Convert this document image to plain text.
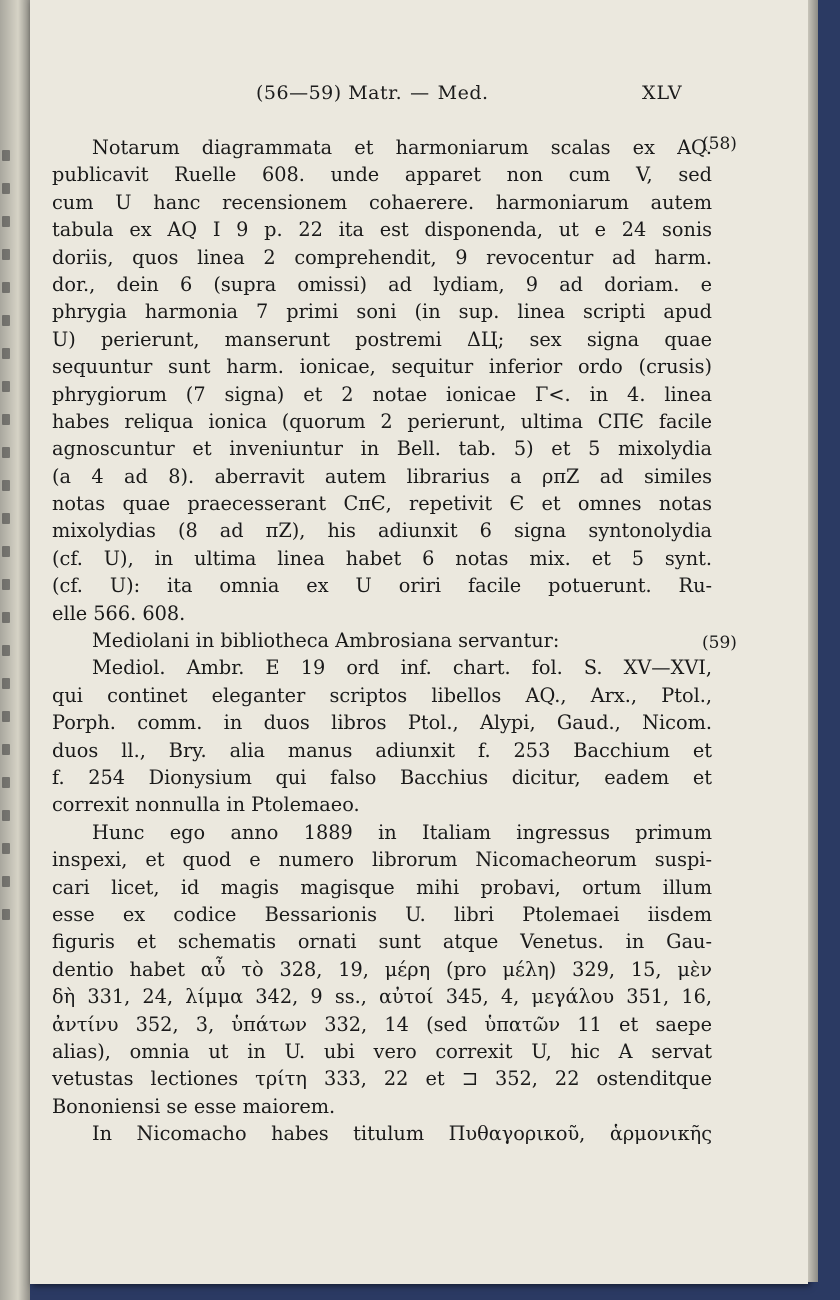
(56—59) Matr. — Med.	XLV
(58)
(59)
Notarum diagrammata et harmoniarum scalas ex AQ.
publicavit Ruelle 608. unde apparet non cum V, sed
cum U hanc recensionem cohaerere. harmoniarum autem
tabula ex AQ I 9 p. 22 ita est disponenda, ut e 24 sonis
doriis, quos linea 2 comprehendit, 9 revocentur ad harm.
dor., dein 6 (supra omissi) ad lydiam, 9 ad doriam. e
phrygia harmonia 7 primi soni (in sup. linea scripti apud
U) perierunt, manserunt postremi ΔЦ; sex signa quae
sequuntur sunt harm. ionicae, sequitur inferior ordo (crusis)
phrygiorum (7 signa) et 2 notae ionicae Γ<. in 4. linea
habes reliqua ionica (quorum 2 perierunt, ultima CΠЄ facile
agnoscuntur et inveniuntur in Bell. tab. 5) et 5 mixolydia
(a 4 ad 8). aberravit autem librarius a ρπZ ad similes
notas quae praecesserant CπЄ, repetivit Є et omnes notas
mixolydias (8 ad πZ), his adiunxit 6 signa syntonolydia
(cf. U), in ultima linea habet 6 notas mix. et 5 synt.
(cf. U): ita omnia ex U oriri facile potuerunt. Ru-
elle 566. 608.
Mediolani in bibliotheca Ambrosiana servantur:
Mediol. Ambr. E 19 ord inf. chart. fol. S. XV—XVI,
qui continet eleganter scriptos libellos AQ., Arx., Ptol.,
Porph. comm. in duos libros Ptol., Alypi, Gaud., Nicom.
duos ll., Bry. alia manus adiunxit f. 253 Bacchium et
f. 254 Dionysium qui falso Bacchius dicitur, eadem et
correxit nonnulla in Ptolemaeo.
Hunc ego anno 1889 in Italiam ingressus primum
inspexi, et quod e numero librorum Nicomacheorum suspi-
cari licet, id magis magisque mihi probavi, ortum illum
esse ex codice Bessarionis U. libri Ptolemaei iisdem
figuris et schematis ornati sunt atque Venetus. in Gau-
dentio habet αὖ τὸ 328, 19, μέρη (pro μέλη) 329, 15, μὲν
δὴ 331, 24, λίμμα 342, 9 ss., αὐτοί 345, 4, μεγάλου 351, 16,
ἀντίνυ 352, 3, ὑπάτων 332, 14 (sed ὑπατῶν 11 et saepe
alias), omnia ut in U. ubi vero correxit U, hic A servat
vetustas lectiones τρίτη 333, 22 et ⊐ 352, 22 ostenditque
Bononiensi se esse maiorem.
In Nicomacho habes titulum Πυθαγορικοῦ, ἁρμονικῆς
